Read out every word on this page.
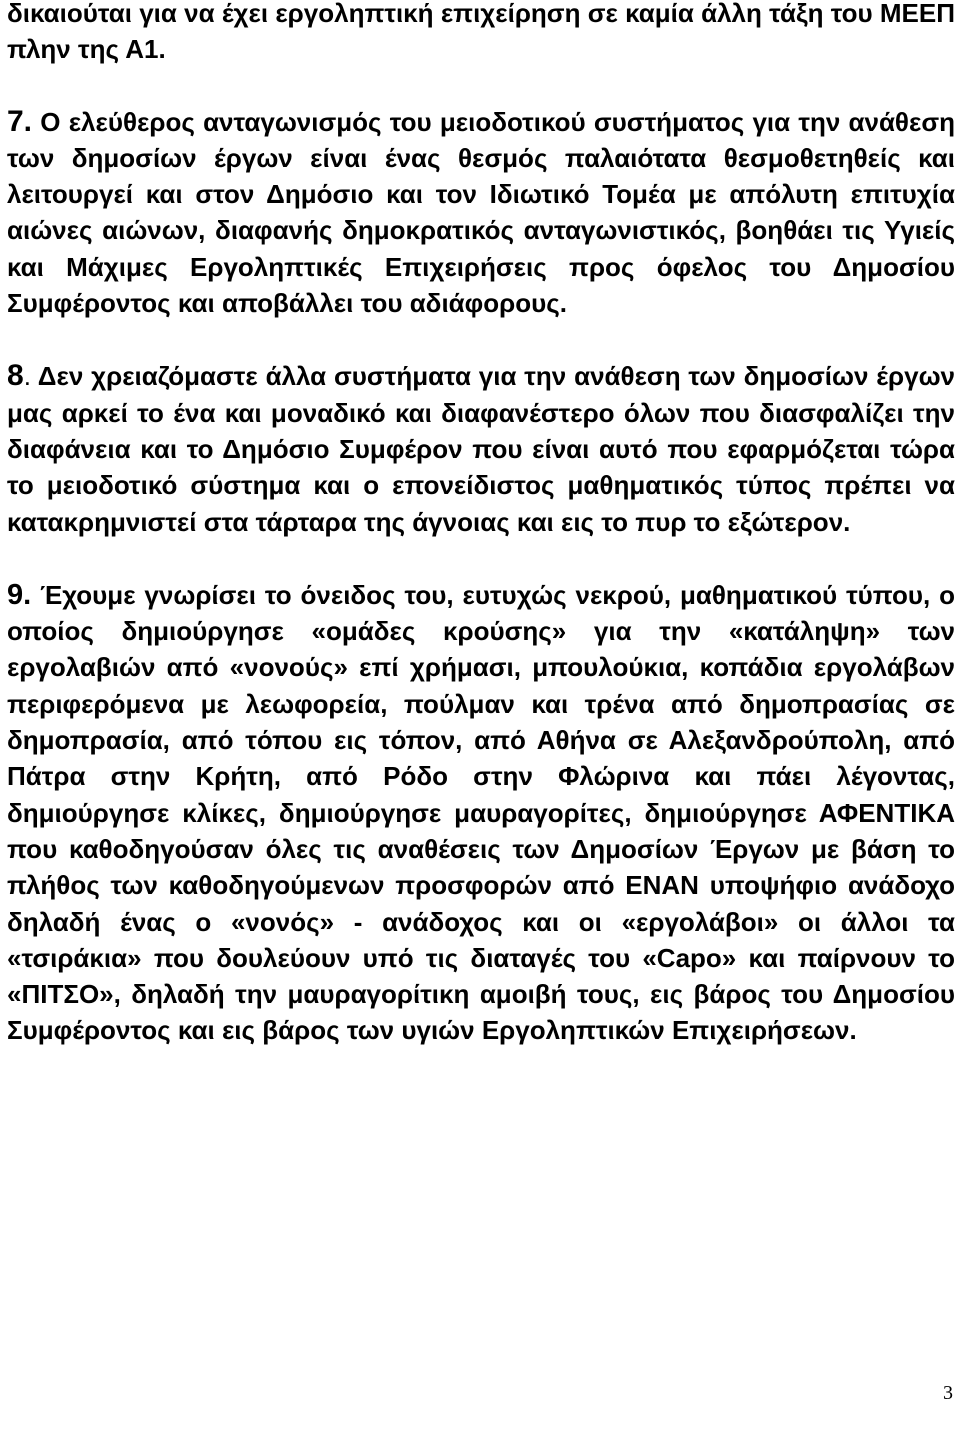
δικαιούται για να έχει εργοληπτική επιχείρηση σε καμία άλλη τάξη του ΜΕΕΠ πλην της Α1.

7. Ο ελεύθερος ανταγωνισμός του μειοδοτικού συστήματος για την ανάθεση των δημοσίων έργων είναι ένας θεσμός παλαιότατα θεσμοθετηθείς και λειτουργεί και στον Δημόσιο και τον Ιδιωτικό Τομέα με απόλυτη επιτυχία αιώνες αιώνων, διαφανής δημοκρατικός ανταγωνιστικός, βοηθάει τις Υγιείς και Μάχιμες Εργοληπτικές Επιχειρήσεις προς όφελος του Δημοσίου Συμφέροντος και αποβάλλει του αδιάφορους.

8. Δεν χρειαζόμαστε άλλα συστήματα για την ανάθεση των δημοσίων έργων μας αρκεί το ένα και μοναδικό και διαφανέστερο όλων που διασφαλίζει την διαφάνεια και το Δημόσιο Συμφέρον που είναι αυτό που εφαρμόζεται τώρα το μειοδοτικό σύστημα και ο επονείδιστος μαθηματικός τύπος πρέπει να κατακρημνιστεί στα τάρταρα της άγνοιας και εις το πυρ το εξώτερον.

9. Έχουμε γνωρίσει το όνειδος του, ευτυχώς νεκρού, μαθηματικού τύπου, ο οποίος δημιούργησε «ομάδες κρούσης» για την «κατάληψη» των εργολαβιών από «νονούς» επί χρήμασι, μπουλούκια, κοπάδια εργολάβων περιφερόμενα με λεωφορεία, πούλμαν και τρένα από δημοπρασίας σε δημοπρασία, από τόπου εις τόπον, από Αθήνα σε Αλεξανδρούπολη, από Πάτρα στην Κρήτη, από Ρόδο στην Φλώρινα και πάει λέγοντας, δημιούργησε κλίκες, δημιούργησε μαυραγορίτες, δημιούργησε ΑΦΕΝΤΙΚΑ που καθοδηγούσαν όλες τις αναθέσεις των Δημοσίων Έργων με βάση το πλήθος των καθοδηγούμενων προσφορών από ΕΝΑΝ υποψήφιο ανάδοχο δηλαδή ένας ο «νονός» - ανάδοχος και οι «εργολάβοι» οι άλλοι τα «τσιράκια» που δουλεύουν υπό τις διαταγές του «Capo» και παίρνουν το «ΠΙΤΣΟ», δηλαδή την μαυραγορίτικη αμοιβή τους, εις βάρος του Δημοσίου Συμφέροντος και εις βάρος των υγιών Εργοληπτικών Επιχειρήσεων.

3
